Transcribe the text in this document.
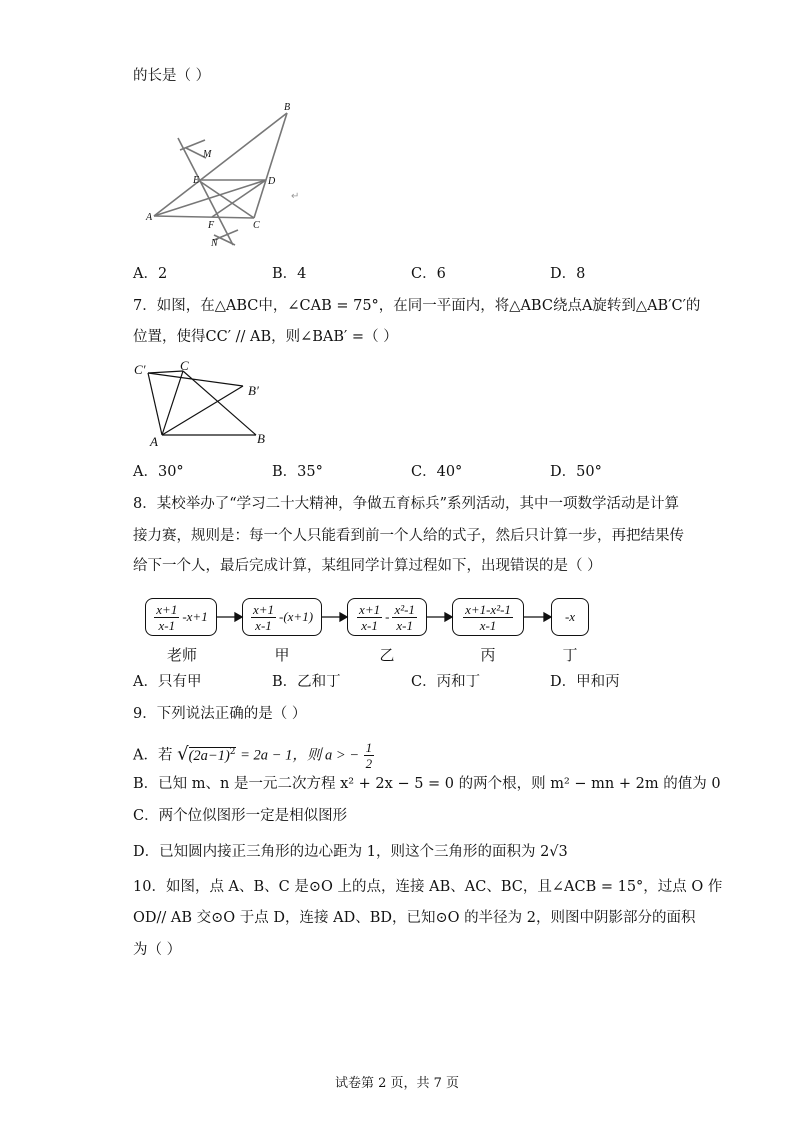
的长是（ ）
B
M
E	D
A
F	C
N
↵
A．2	B．4	C．6	D．8
7．如图，在△ABC中，∠CAB = 75°，在同一平面内，将△ABC绕点A旋转到△AB′C′的
位置，使得CC′ // AB，则∠BAB′ =（ ）
C′	C
B′
A	B
A．30°	B．35°	C．40°	D．50°
8．某校举办了“学习二十大精神，争做五育标兵”系列活动，其中一项数学活动是计算
接力赛，规则是：每一个人只能看到前一个人给的式子，然后只计算一步，再把结果传
给下一个人，最后完成计算，某组同学计算过程如下，出现错误的是（ ）
$\frac{x+1}{x-1} -x+1$	$\frac{x+1}{x-1} -(x+1)$	$\frac{x+1}{x-1} - \frac{\text{x²-1}}{x-1}$	$\frac{\text{x+1-x²-1}}{x-1}$	-x
老师	甲	乙	丙	丁
A．只有甲	B．乙和丁	C．丙和丁	D．甲和丙
9．下列说法正确的是（ ）
A．若 $√(2a-1)^2 = 2a - 1$，则 a > − $\frac{1}{2}$
B．已知 m、n 是一元二次方程 x² + 2x − 5 = 0 的两个根，则 m² − mn + 2m 的值为 0
C．两个位似图形一定是相似图形
D．已知圆内接正三角形的边心距为 1，则这个三角形的面积为 2√3
10．如图，点 A、B、C 是⊙O 上的点，连接 AB、AC、BC，且∠ACB = 15°，过点 O 作
OD// AB 交⊙O 于点 D，连接 AD、BD，已知⊙O 的半径为 2，则图中阴影部分的面积
为（ ）
试卷第 2 页，共 7 页
